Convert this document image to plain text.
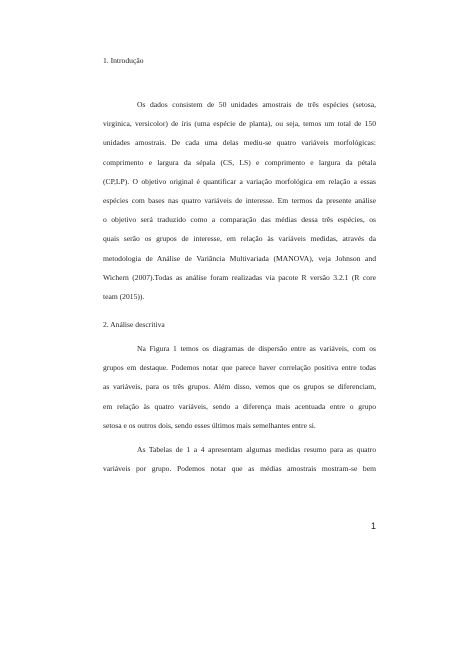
1. Introdução
Os dados consistem de 50 unidades amostrais de três espécies (setosa,
virginica, versicolor) de íris (uma espécie de planta), ou seja, temos um total de 150
unidades amostrais. De cada uma delas mediu-se quatro variáveis morfológicas:
comprimento e largura da sépala (CS, LS) e comprimento e largura da pétala
(CP,LP). O objetivo original é quantificar a variação morfológica em relação a essas
espécies com bases nas quatro variáveis de interesse. Em termos da presente análise
o objetivo será traduzido como a comparação das médias dessa três espécies, os
quais serão os grupos de interesse, em relação às variáveis medidas, através da
metodologia de Análise de Variância Multivariada (MANOVA), veja Johnson and
Wichern (2007).Todas as análise foram realizadas via pacote R versão 3.2.1 (R core
team (2015)).
2. Análise descritiva
Na Figura 1 temos os diagramas de dispersão entre as variáveis, com os
grupos em destaque. Podemos notar que parece haver correlação positiva entre todas
as variáveis, para os três grupos. Além disso, vemos que os grupos se diferenciam,
em relação às quatro variáveis, sendo a diferença mais acentuada entre o grupo
setosa e os outros dois, sendo esses últimos mais semelhantes entre si.
As Tabelas de 1 a 4 apresentam algumas medidas resumo para as quatro
variáveis por grupo. Podemos notar que as médias amostrais mostram-se bem
1
